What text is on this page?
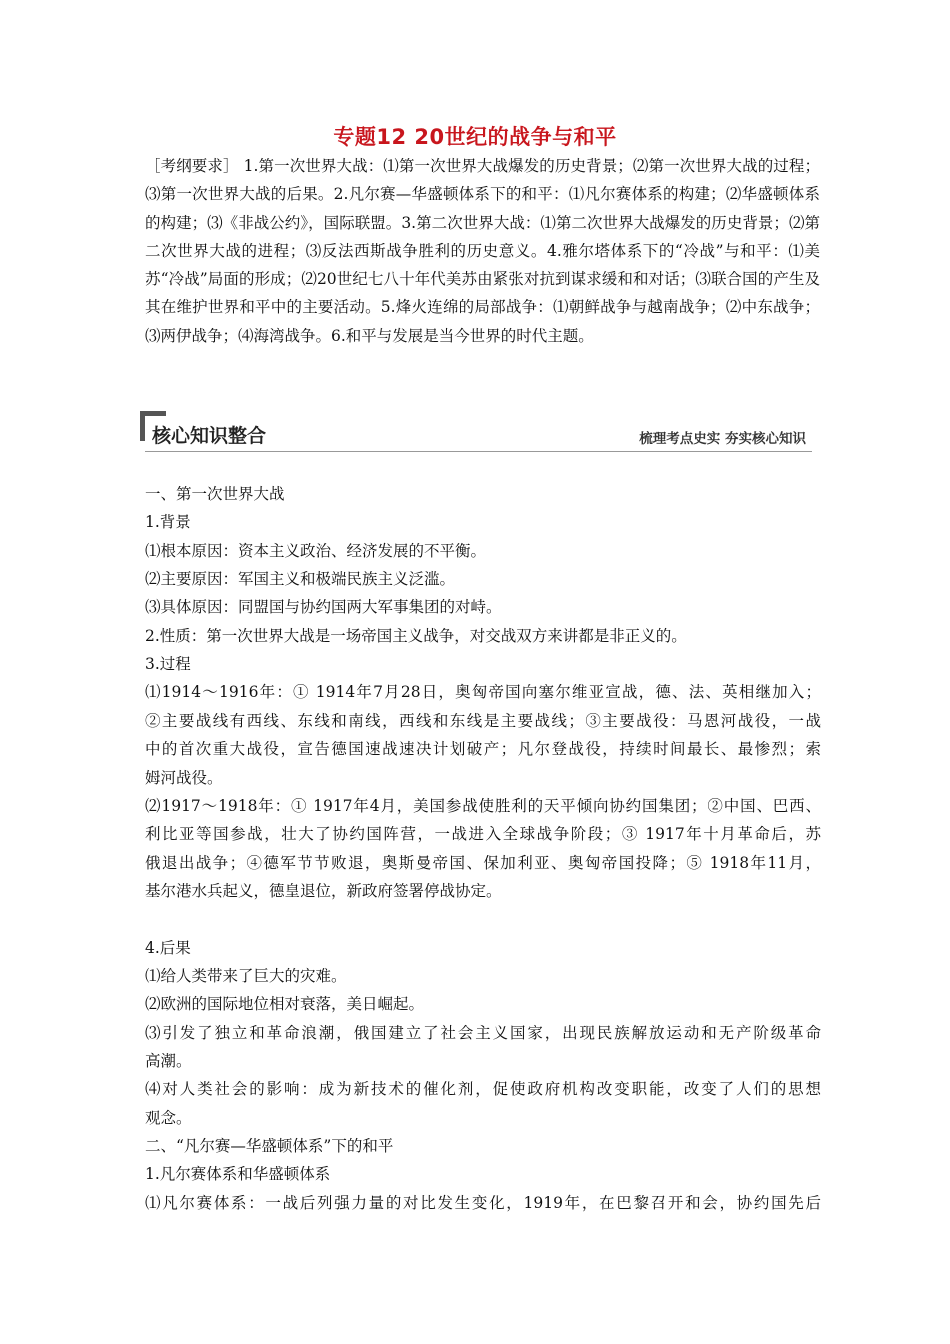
专题12 20世纪的战争与和平
［考纲要求］ 1.第一次世界大战：⑴第一次世界大战爆发的历史背景；⑵第一次世界大战的过程；⑶第一次世界大战的后果。2.凡尔赛—华盛顿体系下的和平：⑴凡尔赛体系的构建；⑵华盛顿体系的构建；⑶《非战公约》，国际联盟。3.第二次世界大战：⑴第二次世界大战爆发的历史背景；⑵第二次世界大战的进程；⑶反法西斯战争胜利的历史意义。4.雅尔塔体系下的“冷战”与和平：⑴美苏“冷战”局面的形成；⑵20世纪七八十年代美苏由紧张对抗到谋求缓和和对话；⑶联合国的产生及其在维护世界和平中的主要活动。5.烽火连绵的局部战争：⑴朝鲜战争与越南战争；⑵中东战争；⑶两伊战争；⑷海湾战争。6.和平与发展是当今世界的时代主题。
核心知识整合	梳理考点史实 夯实核心知识
一、第一次世界大战
1.背景
⑴根本原因：资本主义政治、经济发展的不平衡。
⑵主要原因：军国主义和极端民族主义泛滥。
⑶具体原因：同盟国与协约国两大军事集团的对峙。
2.性质：第一次世界大战是一场帝国主义战争，对交战双方来讲都是非正义的。
3.过程
⑴1914～1916年：① 1914年7月28日，奥匈帝国向塞尔维亚宣战，德、法、英相继加入；
②主要战线有西线、东线和南线，西线和东线是主要战线；③主要战役：马恩河战役，一战
中的首次重大战役，宣告德国速战速决计划破产；凡尔登战役，持续时间最长、最惨烈；索
姆河战役。
⑵1917～1918年：① 1917年4月，美国参战使胜利的天平倾向协约国集团；②中国、巴西、
利比亚等国参战，壮大了协约国阵营，一战进入全球战争阶段；③ 1917年十月革命后，苏
俄退出战争；④德军节节败退，奥斯曼帝国、保加利亚、奥匈帝国投降；⑤ 1918年11月，
基尔港水兵起义，德皇退位，新政府签署停战协定。
4.后果
⑴给人类带来了巨大的灾难。
⑵欧洲的国际地位相对衰落，美日崛起。
⑶引发了独立和革命浪潮，俄国建立了社会主义国家，出现民族解放运动和无产阶级革命
高潮。
⑷对人类社会的影响：成为新技术的催化剂，促使政府机构改变职能，改变了人们的思想
观念。
二、“凡尔赛—华盛顿体系”下的和平
1.凡尔赛体系和华盛顿体系
⑴凡尔赛体系：一战后列强力量的对比发生变化，1919年，在巴黎召开和会，协约国先后
